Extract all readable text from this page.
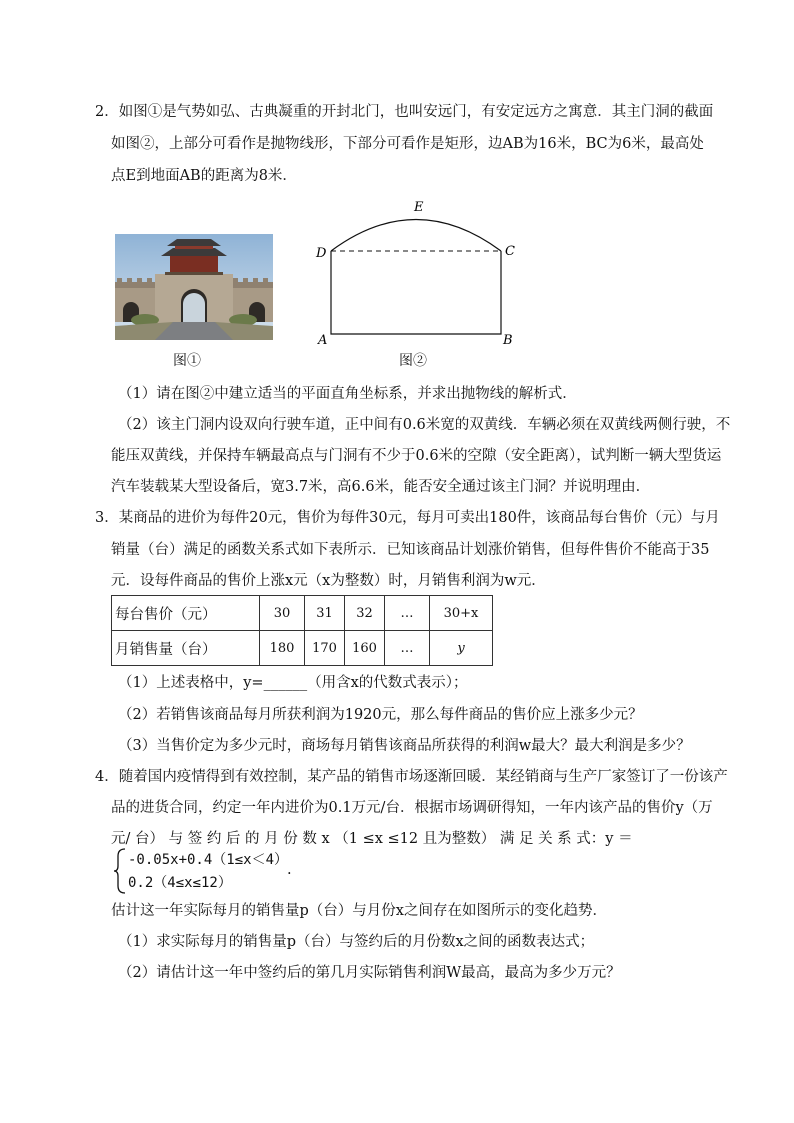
2．如图①是气势如弘、古典凝重的开封北门，也叫安远门，有安定远方之寓意．其主门洞的截面
如图②，上部分可看作是抛物线形，下部分可看作是矩形，边AB为16米，BC为6米，最高处
点E到地面AB的距离为8米．
图①
E
D	C
A	B
图②
（1）请在图②中建立适当的平面直角坐标系，并求出抛物线的解析式．
（2）该主门洞内设双向行驶车道，正中间有0.6米宽的双黄线．车辆必须在双黄线两侧行驶，不
能压双黄线，并保持车辆最高点与门洞有不少于0.6米的空隙（安全距离），试判断一辆大型货运
汽车装载某大型设备后，宽3.7米，高6.6米，能否安全通过该主门洞？并说明理由．
3．某商品的进价为每件20元，售价为每件30元，每月可卖出180件，该商品每台售价（元）与月
销量（台）满足的函数关系式如下表所示．已知该商品计划涨价销售，但每件售价不能高于35
元．设每件商品的售价上涨x元（x为整数）时，月销售利润为w元．
每台售价（元）	30	31	32	…	30+x
月销售量（台）	180	170	160	…	y
（1）上述表格中，y=______（用含x的代数式表示）；
（2）若销售该商品每月所获利润为1920元，那么每件商品的售价应上涨多少元？
（3）当售价定为多少元时，商场每月销售该商品所获得的利润w最大？最大利润是多少？
4．随着国内疫情得到有效控制，某产品的销售市场逐渐回暖．某经销商与生产厂家签订了一份该产
品的进货合同，约定一年内进价为0.1万元/台．根据市场调研得知，一年内该产品的售价y（万
元/ 台） 与 签 约 后 的 月 份 数 x （1 ≤x ≤12 且为整数） 满 足 关 系 式：y ＝
-0.05x+0.4（1≤x＜4）
0.2（4≤x≤12）
.
估计这一年实际每月的销售量p（台）与月份x之间存在如图所示的变化趋势．
（1）求实际每月的销售量p（台）与签约后的月份数x之间的函数表达式；
（2）请估计这一年中签约后的第几月实际销售利润W最高，最高为多少万元？
